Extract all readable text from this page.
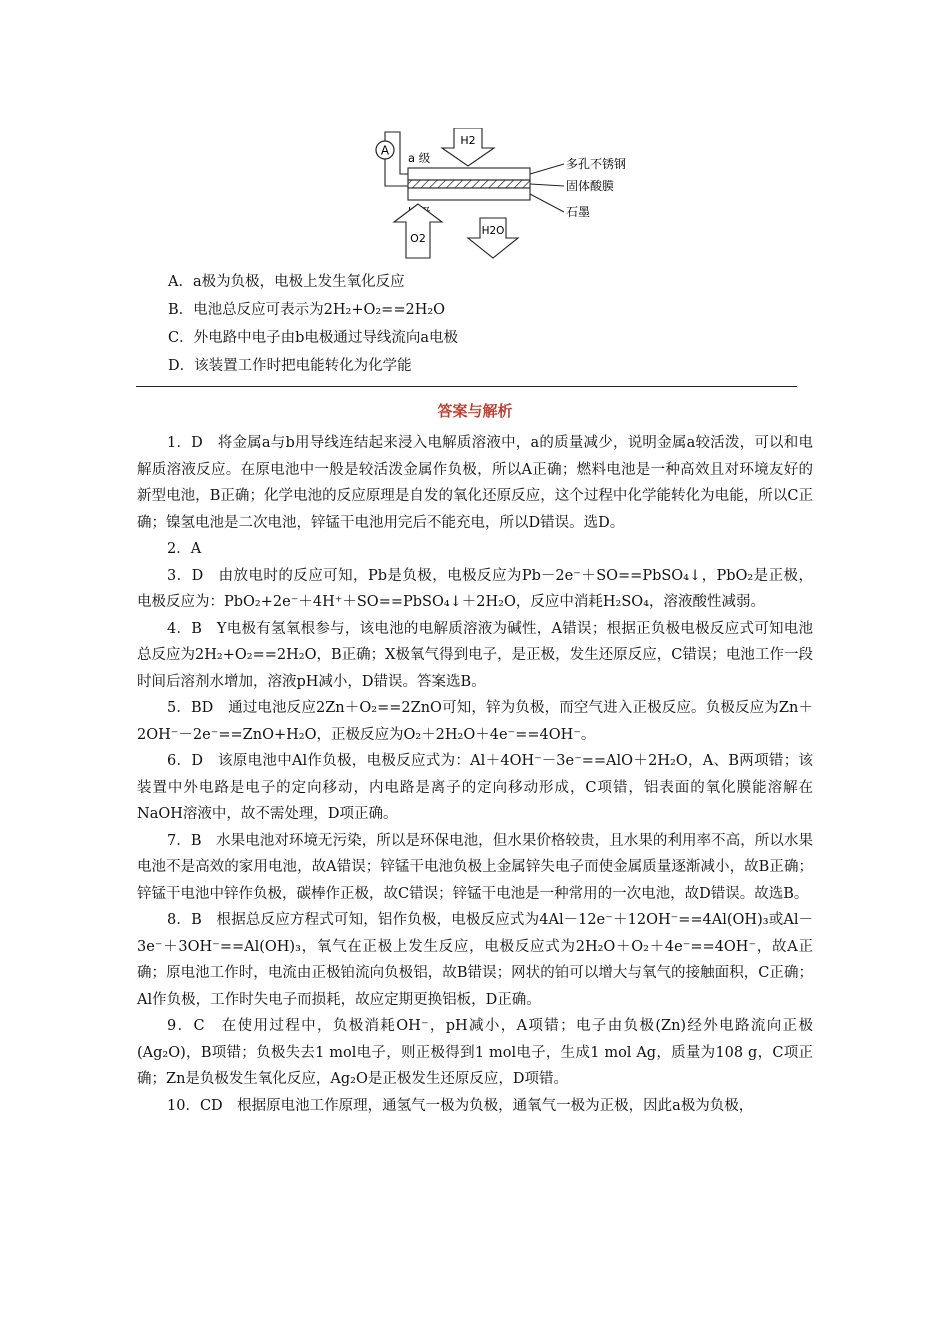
A
a 级
H2
O2
H2O
多孔不锈钢
固体酸膜
石墨
A．a极为负极，电极上发生氧化反应
B．电池总反应可表示为2H₂+O₂==2H₂O
C．外电路中电子由b电极通过导线流向a电极
D．该装置工作时把电能转化为化学能
答案与解析

1．D　将金属a与b用导线连结起来浸入电解质溶液中，a的质量减少，说明金属a较活泼，可以和电解质溶液反应。在原电池中一般是较活泼金属作负极，所以A正确；燃料电池是一种高效且对环境友好的新型电池，B正确；化学电池的反应原理是自发的氧化还原反应，这个过程中化学能转化为电能，所以C正确；镍氢电池是二次电池，锌锰干电池用完后不能充电，所以D错误。选D。

2．A

3．D　由放电时的反应可知，Pb是负极，电极反应为Pb－2e⁻＋SO==PbSO₄↓，PbO₂是正极，电极反应为：PbO₂+2e⁻＋4H⁺＋SO==PbSO₄↓＋2H₂O，反应中消耗H₂SO₄，溶液酸性减弱。

4．B　Y电极有氢氧根参与，该电池的电解质溶液为碱性，A错误；根据正负极电极反应式可知电池总反应为2H₂+O₂==2H₂O，B正确；X极氧气得到电子，是正极，发生还原反应，C错误；电池工作一段时间后溶剂水增加，溶液pH减小，D错误。答案选B。

5．BD　通过电池反应2Zn＋O₂==2ZnO可知，锌为负极，而空气进入正极反应。负极反应为Zn＋2OH⁻－2e⁻==ZnO+H₂O，正极反应为O₂＋2H₂O＋4e⁻==4OH⁻。

6．D　该原电池中Al作负极，电极反应式为：Al＋4OH⁻－3e⁻==AlO＋2H₂O，A、B两项错；该装置中外电路是电子的定向移动，内电路是离子的定向移动形成，C项错，铝表面的氧化膜能溶解在NaOH溶液中，故不需处理，D项正确。

7．B　水果电池对环境无污染，所以是环保电池，但水果价格较贵，且水果的利用率不高，所以水果电池不是高效的家用电池，故A错误；锌锰干电池负极上金属锌失电子而使金属质量逐渐减小，故B正确；锌锰干电池中锌作负极，碳棒作正极，故C错误；锌锰干电池是一种常用的一次电池，故D错误。故选B。

8．B　根据总反应方程式可知，铝作负极，电极反应式为4Al－12e⁻＋12OH⁻==4Al(OH)₃或Al－3e⁻＋3OH⁻==Al(OH)₃，氧气在正极上发生反应，电极反应式为2H₂O＋O₂＋4e⁻==4OH⁻，故A正确；原电池工作时，电流由正极铂流向负极铝，故B错误；网状的铂可以增大与氧气的接触面积，C正确；Al作负极，工作时失电子而损耗，故应定期更换铝板，D正确。

9．C　在使用过程中，负极消耗OH⁻，pH减小，A项错；电子由负极(Zn)经外电路流向正极(Ag₂O)，B项错；负极失去1 mol电子，则正极得到1 mol电子，生成1 mol Ag，质量为108 g，C项正确；Zn是负极发生氧化反应，Ag₂O是正极发生还原反应，D项错。

10．CD　根据原电池工作原理，通氢气一极为负极，通氧气一极为正极，因此a极为负极，
